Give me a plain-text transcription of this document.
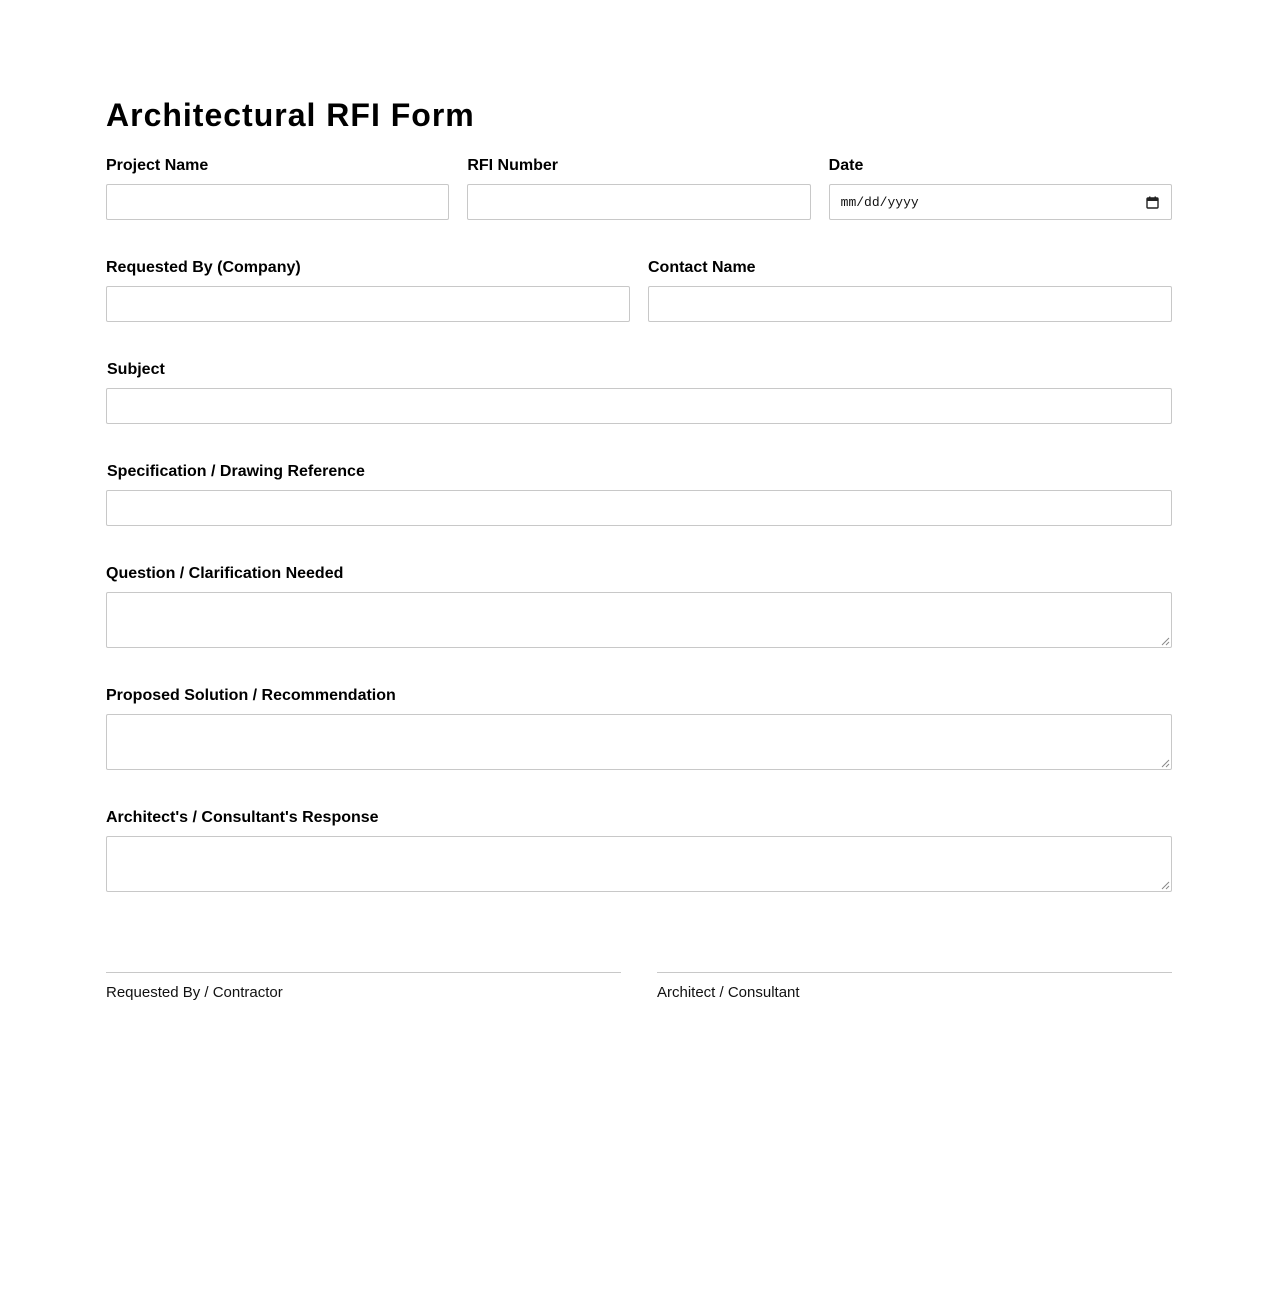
Architectural RFI Form
Project Name	RFI Number	Date
mm/dd/yyyy
Requested By (Company)	Contact Name
Subject
Specification / Drawing Reference
Question / Clarification Needed
Proposed Solution / Recommendation
Architect's / Consultant's Response
Requested By / Contractor	Architect / Consultant
